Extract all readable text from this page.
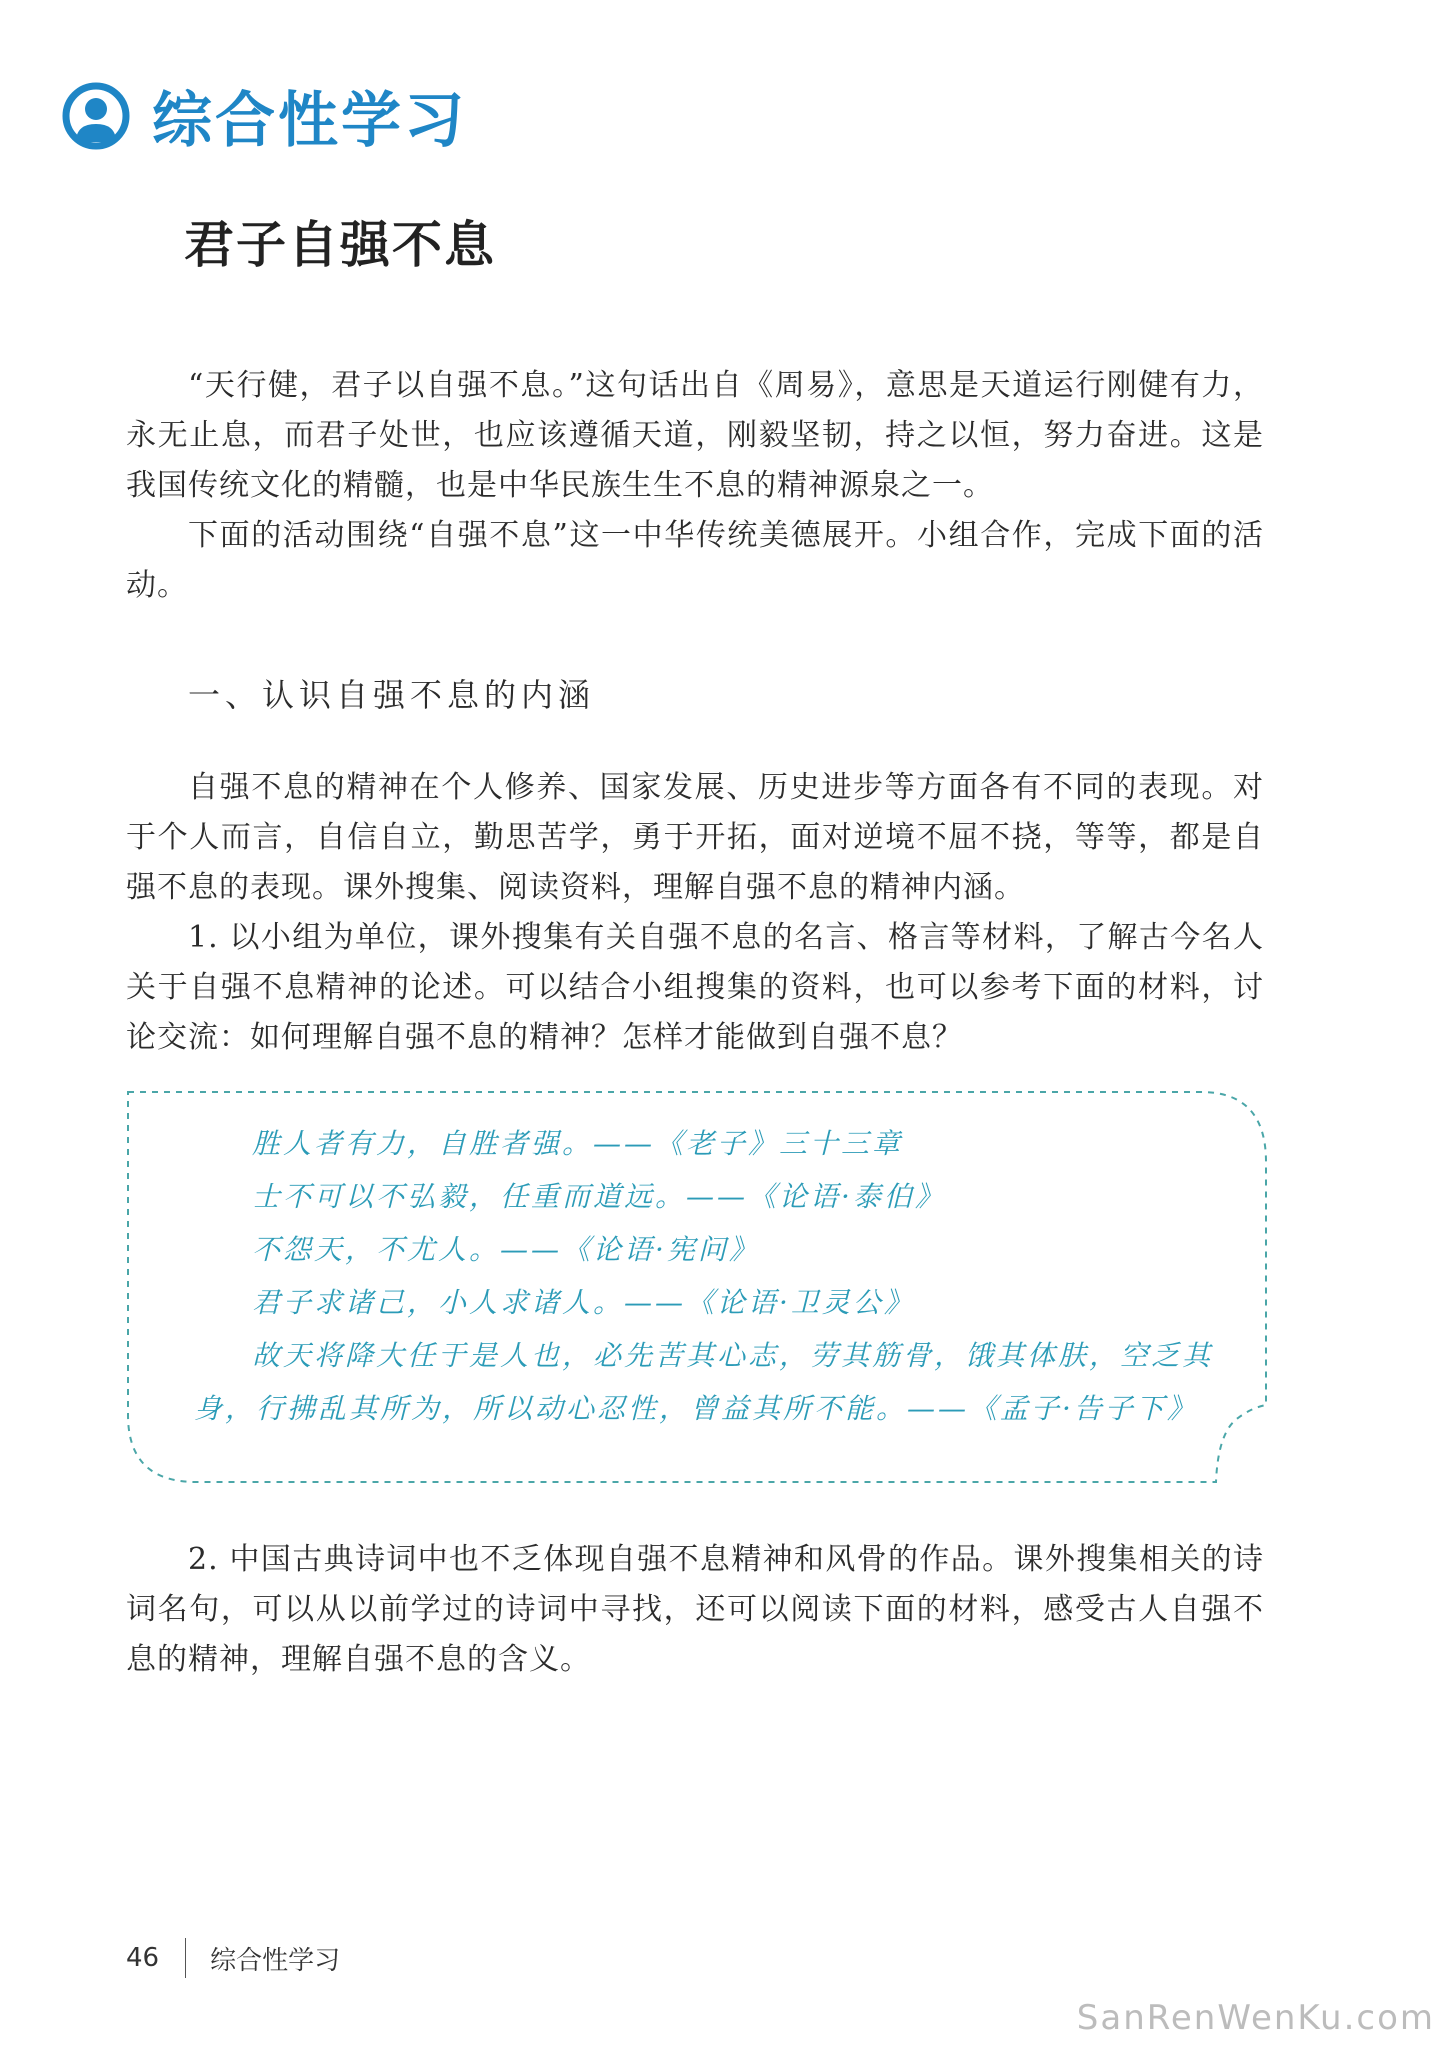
综合性学习
君子自强不息

“天行健，君子以自强不息。”这句话出自《周易》，意思是天道运行刚健有力，永无止息，而君子处世，也应该遵循天道，刚毅坚韧，持之以恒，努力奋进。这是我国传统文化的精髓，也是中华民族生生不息的精神源泉之一。

下面的活动围绕“自强不息”这一中华传统美德展开。小组合作，完成下面的活动。

一、认识自强不息的内涵

自强不息的精神在个人修养、国家发展、历史进步等方面各有不同的表现。对于个人而言，自信自立，勤思苦学，勇于开拓，面对逆境不屈不挠，等等，都是自强不息的表现。课外搜集、阅读资料，理解自强不息的精神内涵。

1. 以小组为单位，课外搜集有关自强不息的名言、格言等材料，了解古今名人关于自强不息精神的论述。可以结合小组搜集的资料，也可以参考下面的材料，讨论交流：如何理解自强不息的精神？怎样才能做到自强不息？

胜人者有力，自胜者强。——《老子》三十三章
士不可以不弘毅，任重而道远。——《论语·泰伯》
不怨天，不尤人。——《论语·宪问》
君子求诸己，小人求诸人。——《论语·卫灵公》
故天将降大任于是人也，必先苦其心志，劳其筋骨，饿其体肤，空乏其
身，行拂乱其所为，所以动心忍性，曾益其所不能。——《孟子·告子下》

2. 中国古典诗词中也不乏体现自强不息精神和风骨的作品。课外搜集相关的诗词名句，可以从以前学过的诗词中寻找，还可以阅读下面的材料，感受古人自强不息的精神，理解自强不息的含义。

46 综合性学习
SanRenWenKu.com
